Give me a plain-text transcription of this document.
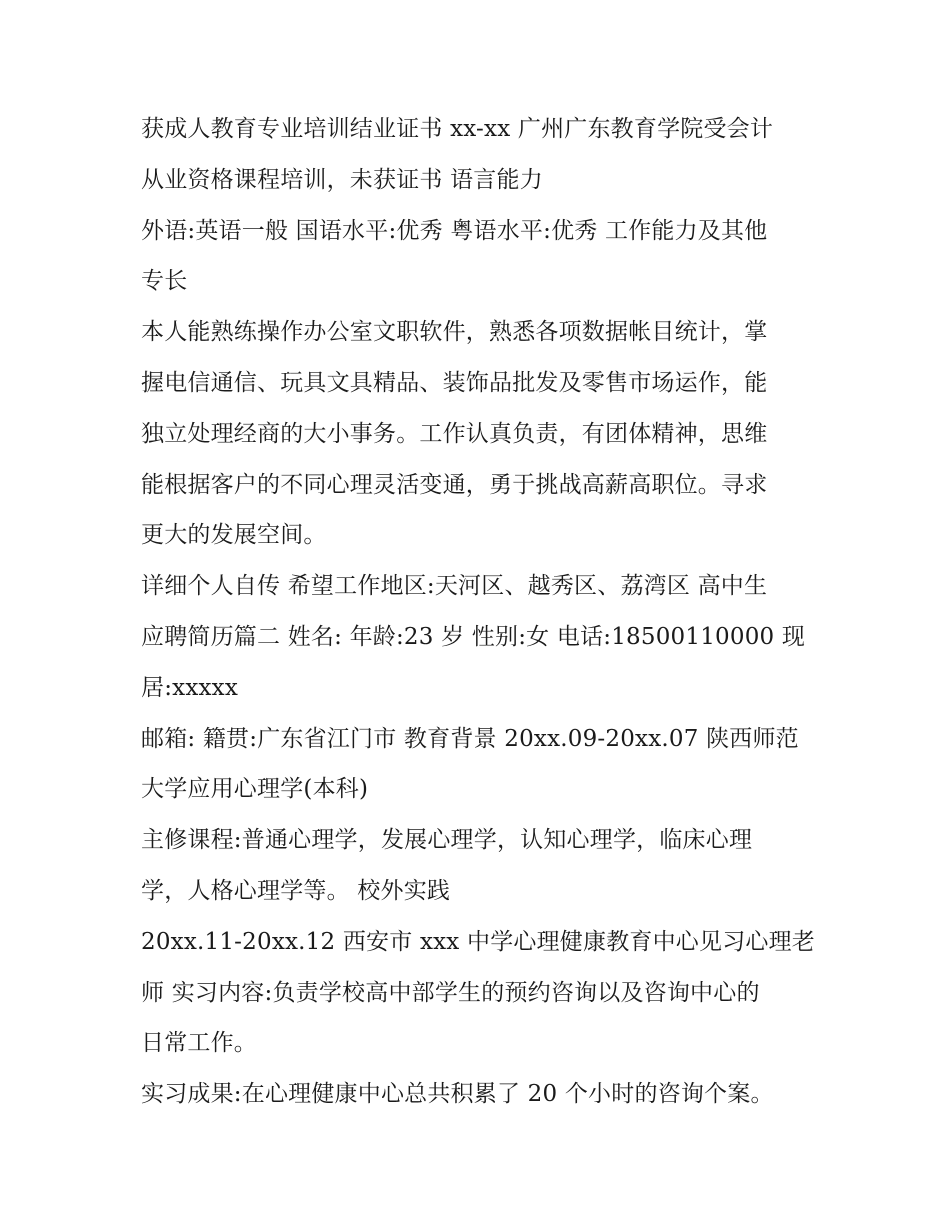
获成人教育专业培训结业证书 xx-xx 广州广东教育学院受会计
从业资格课程培训，未获证书 语言能力
外语:英语一般 国语水平:优秀 粤语水平:优秀 工作能力及其他
专长
本人能熟练操作办公室文职软件，熟悉各项数据帐目统计，掌
握电信通信、玩具文具精品、装饰品批发及零售市场运作，能
独立处理经商的大小事务。工作认真负责，有团体精神，思维
能根据客户的不同心理灵活变通，勇于挑战高薪高职位。寻求
更大的发展空间。
详细个人自传 希望工作地区:天河区、越秀区、荔湾区 高中生
应聘简历篇二 姓名: 年龄:23 岁 性别:女 电话:18500110000 现
居:xxxxx
邮箱: 籍贯:广东省江门市 教育背景 20xx.09-20xx.07 陕西师范
大学应用心理学(本科)
主修课程:普通心理学，发展心理学，认知心理学，临床心理
学，人格心理学等。 校外实践
20xx.11-20xx.12 西安市 xxx 中学心理健康教育中心见习心理老
师 实习内容:负责学校高中部学生的预约咨询以及咨询中心的
日常工作。
实习成果:在心理健康中心总共积累了 20 个小时的咨询个案。
